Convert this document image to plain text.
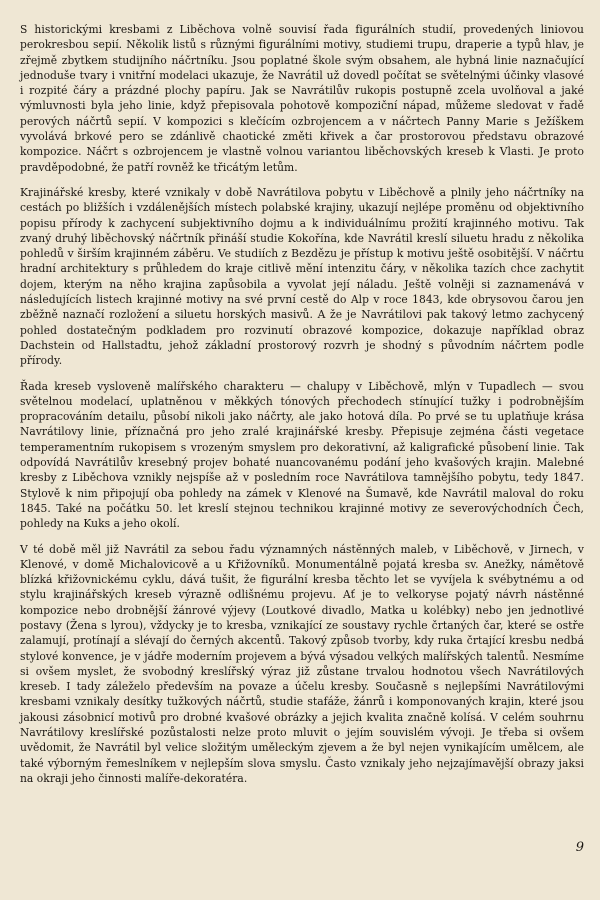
S historickými kresbami z Liběchova volně souvisí řada figurálních studií, provedených liniovou perokresbou sepií. Několik listů s různými figurálními motivy, studiemi trupu, draperie a typů hlav, je zřejmě zbytkem studijního náčrtníku. Jsou poplatné škole svým obsahem, ale hybná linie naznačující jednoduše tvary i vnitřní modelaci ukazuje, že Navrátil už dovedl počítat se světelnými účinky vlasové i rozpité čáry a prázdné plochy papíru. Jak se Navrátilův rukopis postupně zcela uvolňoval a jaké výmluvnosti byla jeho linie, když přepisovala pohotově kompoziční nápad, můžeme sledovat v řadě perových náčrtů sepií. V kompozici s klečícím ozbrojencem a v náčrtech Panny Marie s Ježíškem vyvolává brkové pero se zdánlivě chaotické změti křivek a čar prostorovou představu obrazové kompozice. Náčrt s ozbrojencem je vlastně volnou variantou liběchovských kreseb k Vlasti. Je proto pravděpodobné, že patří rovněž ke třicátým letům.

Krajinářské kresby, které vznikaly v době Navrátilova pobytu v Liběchově a plnily jeho náčrtníky na cestách po bližších i vzdálenějších místech polabské krajiny, ukazují nejlépe proměnu od objektivního popisu přírody k zachycení subjektivního dojmu a k individuálnímu prožití krajinného motivu. Tak zvaný druhý liběchovský náčrtník přináší studie Kokořína, kde Navrátil kreslí siluetu hradu z několika pohledů v širším krajinném záběru. Ve studiích z Bezdězu je přístup k motivu ještě osobitější. V náčrtu hradní architektury s průhledem do kraje citlivě mění intenzitu čáry, v několika tazích chce zachytit dojem, kterým na něho krajina zapůsobila a vyvolat její náladu. Ještě volněji si zaznamenává v následujících listech krajinné motivy na své první cestě do Alp v roce 1843, kde obrysovou čarou jen zběžně naznačí rozložení a siluetu horských masivů. A že je Navrátilovi pak takový letmo zachycený pohled dostatečným podkladem pro rozvinutí obrazové kompozice, dokazuje například obraz Dachstein od Hallstadtu, jehož základní prostorový rozvrh je shodný s původním náčrtem podle přírody.

Řada kreseb vysloveně malířského charakteru — chalupy v Liběchově, mlýn v Tupadlech — svou světelnou modelací, uplatněnou v měkkých tónových přechodech stínující tužky i podrobnějším propracováním detailu, působí nikoli jako náčrty, ale jako hotová díla. Po prvé se tu uplatňuje krása Navrátilovy linie, příznačná pro jeho zralé krajinářské kresby. Přepisuje zejména části vegetace temperamentním rukopisem s vrozeným smyslem pro dekorativní, až kaligrafické působení linie. Tak odpovídá Navrátilův kresebný projev bohaté nuancovanému podání jeho kvašových krajin. Malebné kresby z Liběchova vznikly nejspíše až v posledním roce Navrátilova tamnějšího pobytu, tedy 1847. Stylově k nim připojují oba pohledy na zámek v Klenové na Šumavě, kde Navrátil maloval do roku 1845. Také na počátku 50. let kreslí stejnou technikou krajinné motivy ze severovýchodních Čech, pohledy na Kuks a jeho okolí.

V té době měl již Navrátil za sebou řadu významných nástěnných maleb, v Liběchově, v Jirnech, v Klenové, v domě Michalovicově a u Křižovníků. Monumentálně pojatá kresba sv. Anežky, námětově blízká křižovnickému cyklu, dává tušit, že figurální kresba těchto let se vyvíjela k svébytnému a od stylu krajinářských kreseb výrazně odlišnému projevu. Ať je to velkoryse pojatý návrh nástěnné kompozice nebo drobnější žánrové výjevy (Loutkové divadlo, Matka u kolébky) nebo jen jednotlivé postavy (Žena s lyrou), vždycky je to kresba, vznikající ze soustavy rychle črtaných čar, které se ostře zalamují, protínají a slévají do černých akcentů. Takový způsob tvorby, kdy ruka črtající kresbu nedbá stylové konvence, je v jádře moderním projevem a bývá výsadou velkých malířských talentů. Nesmíme si ovšem myslet, že svobodný kreslířský výraz již zůstane trvalou hodnotou všech Navrátilových kreseb. I tady záleželo především na povaze a účelu kresby. Současně s nejlepšími Navrátilovými kresbami vznikaly desítky tužkových náčrtů, studie stafáže, žánrů i komponovaných krajin, které jsou jakousi zásobnicí motivů pro drobné kvašové obrázky a jejich kvalita značně kolísá. V celém souhrnu Navrátilovy kreslířské pozůstalosti nelze proto mluvit o jejím souvislém vývoji. Je třeba si ovšem uvědomit, že Navrátil byl velice složitým uměleckým zjevem a že byl nejen vynikajícím umělcem, ale také výborným řemeslníkem v nejlepším slova smyslu. Často vznikaly jeho nejzajímavější obrazy jaksi na okraji jeho činnosti malíře-dekoratéra.

9
